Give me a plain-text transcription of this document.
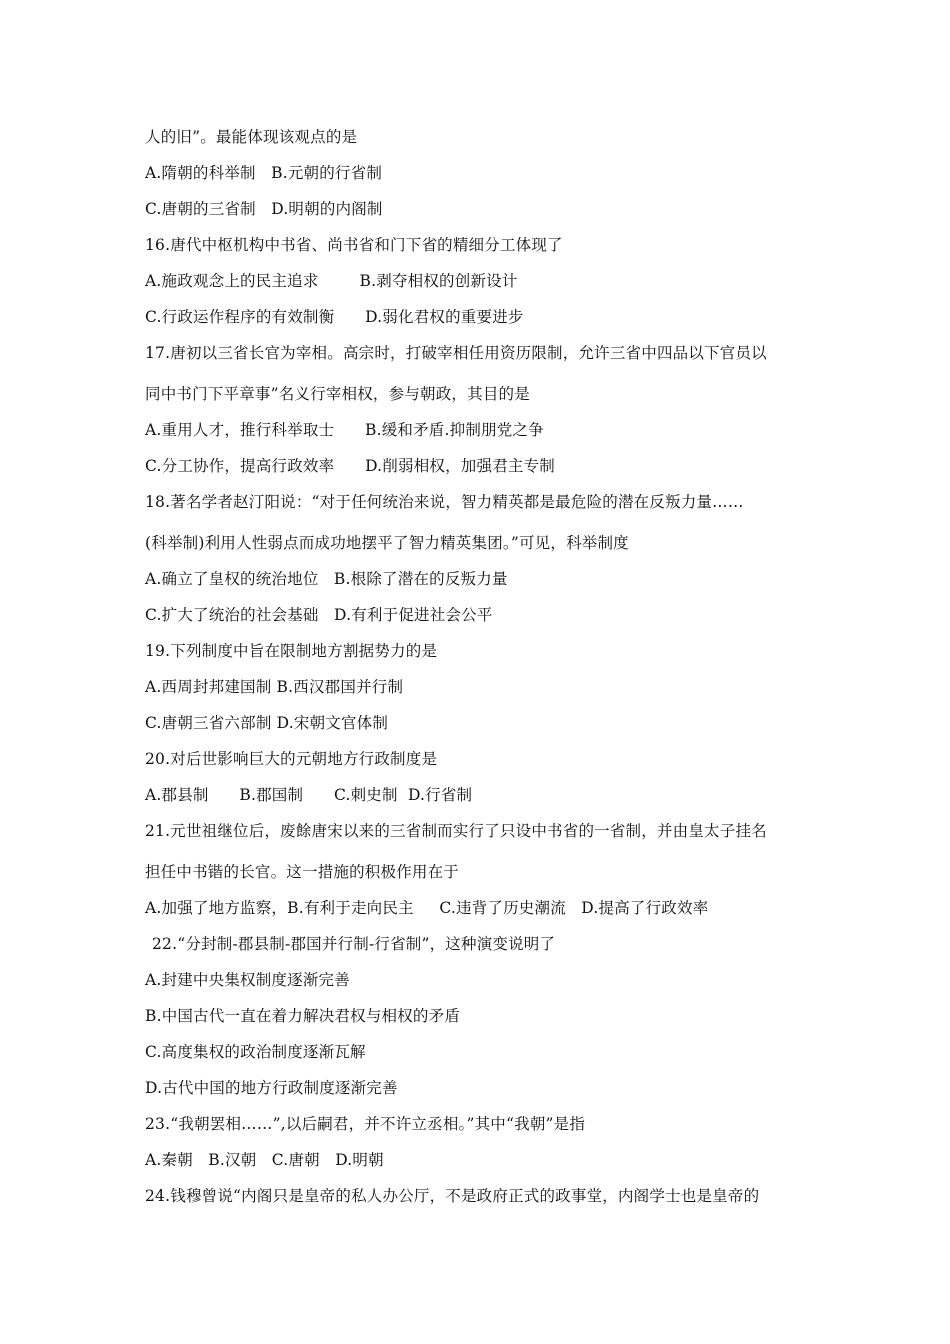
人的旧”。最能体现该观点的是
A.隋朝的科举制   B.元朝的行省制
C.唐朝的三省制   D.明朝的内阁制
16.唐代中枢机构中书省、尚书省和门下省的精细分工体现了
A.施政观念上的民主追求        B.剥夺相权的创新设计
C.行政运作程序的有效制衡      D.弱化君权的重要进步
17.唐初以三省长官为宰相。高宗时，打破宰相任用资历限制，允许三省中四品以下官员以
同中书门下平章事”名义行宰相权，参与朝政，其目的是
A.重用人才，推行科举取士      B.缓和矛盾.抑制朋党之争
C.分工协作，提高行政效率      D.削弱相权，加强君主专制
18.著名学者赵汀阳说：“对于任何统治来说，智力精英都是最危险的潜在反叛力量……
(科举制)利用人性弱点而成功地摆平了智力精英集团。”可见，科举制度
A.确立了皇权的统治地位   B.根除了潜在的反叛力量
C.扩大了统治的社会基础   D.有利于促进社会公平
19.下列制度中旨在限制地方割据势力的是
A.西周封邦建国制 B.西汉郡国并行制
C.唐朝三省六部制 D.宋朝文官体制
20.对后世影响巨大的元朝地方行政制度是
A.郡县制      B.郡国制      C.刺史制  D.行省制
21.元世祖继位后，废餘唐宋以来的三省制而实行了只设中书省的一省制，并由皇太子挂名
担任中书锴的长官。这一措施的积极作用在于
A.加强了地方监察，B.有利于走向民主     C.违背了历史潮流   D.提高了行政效率
22.“分封制-郡县制-郡国并行制-行省制”，这种演变说明了
A.封建中央集权制度逐渐完善
B.中国古代一直在着力解决君权与相权的矛盾
C.高度集权的政治制度逐渐瓦解
D.古代中国的地方行政制度逐渐完善
23.“我朝罢相……”,以后嗣君，并不许立丞相。”其中“我朝”是指
A.秦朝   B.汉朝   C.唐朝   D.明朝
24.钱穆曾说“内阁只是皇帝的私人办公厅，不是政府正式的政事堂，内阁学士也是皇帝的
